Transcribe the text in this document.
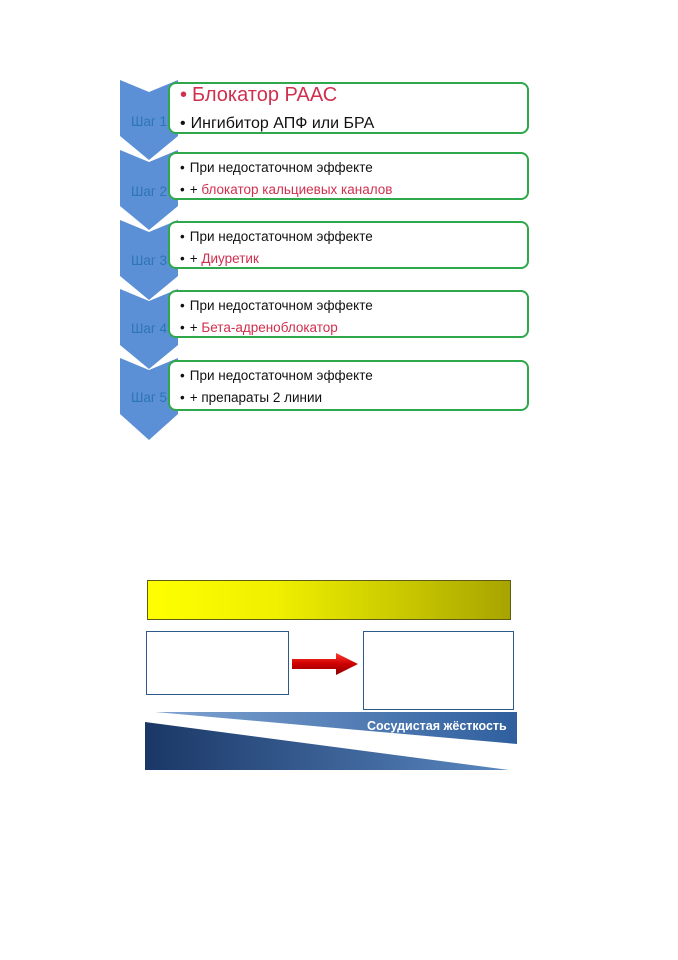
Шаг 1
• Блокатор РААС
• Ингибитор АПФ или БРА
Шаг 2
• При недостаточном эффекте
• + блокатор кальциевых каналов
Шаг 3
• При недостаточном эффекте
• + Диуретик
Шаг 4
• При недостаточном эффекте
• + Бета-адреноблокатор
Шаг 5
• При недостаточном эффекте
• + препараты 2 линии
Сосудистая жёсткость
